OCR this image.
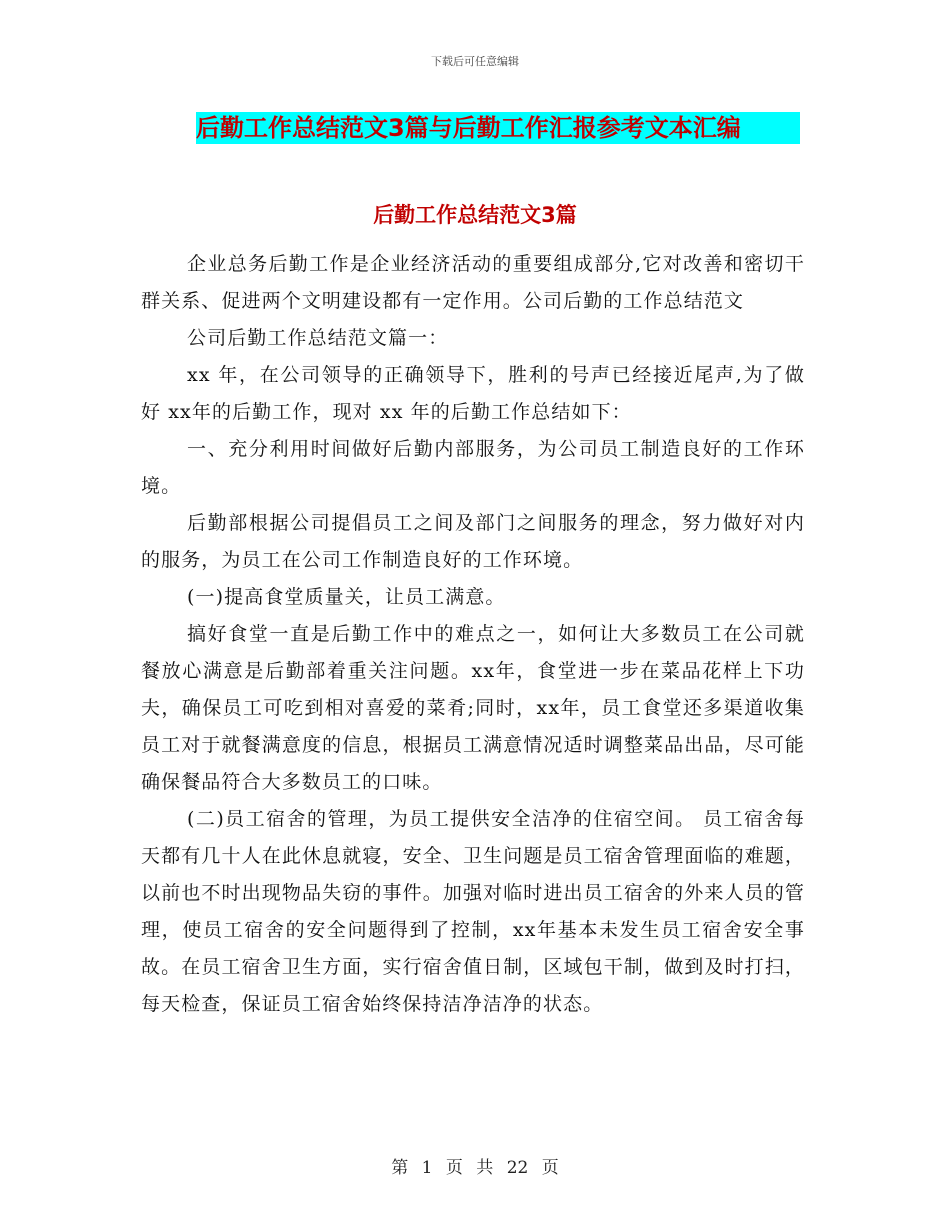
下载后可任意编辑
后勤工作总结范文3篇与后勤工作汇报参考文本汇编
后勤工作总结范文3篇

企业总务后勤工作是企业经济活动的重要组成部分,它对改善和密切干群关系、促进两个文明建设都有一定作用。公司后勤的工作总结范文

公司后勤工作总结范文篇一：

xx 年，在公司领导的正确领导下，胜利的号声已经接近尾声,为了做好 xx年的后勤工作，现对 xx 年的后勤工作总结如下：

一、充分利用时间做好后勤内部服务，为公司员工制造良好的工作环境。

后勤部根据公司提倡员工之间及部门之间服务的理念，努力做好对内的服务，为员工在公司工作制造良好的工作环境。

(一)提高食堂质量关，让员工满意。

搞好食堂一直是后勤工作中的难点之一，如何让大多数员工在公司就餐放心满意是后勤部着重关注问题。xx年，食堂进一步在菜品花样上下功夫，确保员工可吃到相对喜爱的菜肴;同时，xx年，员工食堂还多渠道收集员工对于就餐满意度的信息，根据员工满意情况适时调整菜品出品，尽可能确保餐品符合大多数员工的口味。

(二)员工宿舍的管理，为员工提供安全洁净的住宿空间。 员工宿舍每天都有几十人在此休息就寝，安全、卫生问题是员工宿舍管理面临的难题，以前也不时出现物品失窃的事件。加强对临时进出员工宿舍的外来人员的管理，使员工宿舍的安全问题得到了控制，xx年基本未发生员工宿舍安全事故。在员工宿舍卫生方面，实行宿舍值日制，区域包干制，做到及时打扫，每天检查，保证员工宿舍始终保持洁净洁净的状态。

第 1 页 共 22 页
